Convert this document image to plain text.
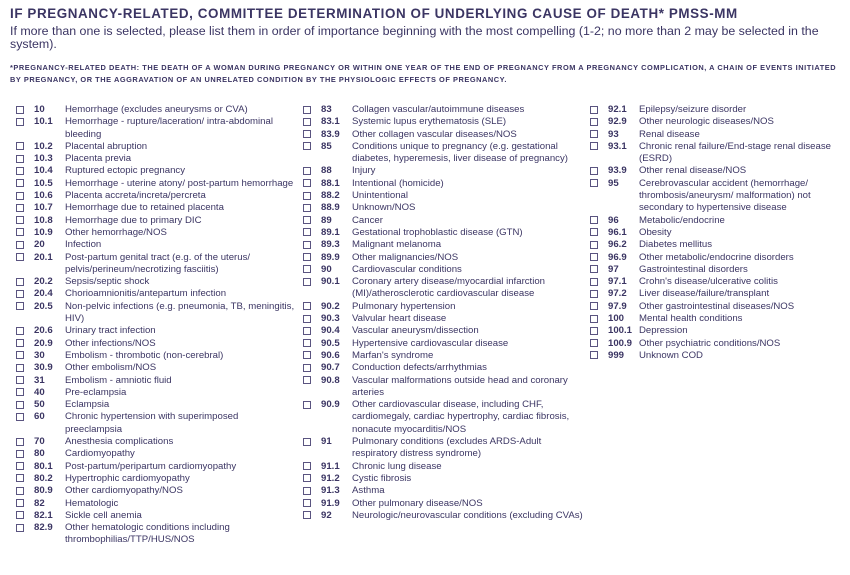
IF PREGNANCY-RELATED, COMMITTEE DETERMINATION OF UNDERLYING CAUSE OF DEATH* PMSS-MM
If more than one is selected, please list them in order of importance beginning with the most compelling (1-2; no more than 2 may be selected in the system).
*PREGNANCY-RELATED DEATH: THE DEATH OF A WOMAN DURING PREGNANCY OR WITHIN ONE YEAR OF THE END OF PREGNANCY FROM A PREGNANCY COMPLICATION, A CHAIN OF EVENTS INITIATED BY PREGNANCY, OR THE AGGRAVATION OF AN UNRELATED CONDITION BY THE PHYSIOLOGIC EFFECTS OF PREGNANCY.
10	Hemorrhage (excludes aneurysms or CVA)
10.1	Hemorrhage - rupture/laceration/ intra-abdominal bleeding
10.2	Placental abruption
10.3	Placenta previa
10.4	Ruptured ectopic pregnancy
10.5	Hemorrhage - uterine atony/ post-partum hemorrhage
10.6	Placenta accreta/increta/percreta
10.7	Hemorrhage due to retained placenta
10.8	Hemorrhage due to primary DIC
10.9	Other hemorrhage/NOS
20	Infection
20.1	Post-partum genital tract (e.g. of the uterus/ pelvis/perineum/necrotizing fasciitis)
20.2	Sepsis/septic shock
20.4	Chorioamnionitis/antepartum infection
20.5	Non-pelvic infections (e.g. pneumonia, TB, meningitis, HIV)
20.6	Urinary tract infection
20.9	Other infections/NOS
30	Embolism - thrombotic (non-cerebral)
30.9	Other embolism/NOS
31	Embolism - amniotic fluid
40	Pre-eclampsia
50	Eclampsia
60	Chronic hypertension with superimposed preeclampsia
70	Anesthesia complications
80	Cardiomyopathy
80.1	Post-partum/peripartum cardiomyopathy
80.2	Hypertrophic cardiomyopathy
80.9	Other cardiomyopathy/NOS
82	Hematologic
82.1	Sickle cell anemia
82.9	Other hematologic conditions including thrombophilias/TTP/HUS/NOS
83	Collagen vascular/autoimmune diseases
83.1	Systemic lupus erythematosis (SLE)
83.9	Other collagen vascular diseases/NOS
85	Conditions unique to pregnancy (e.g. gestational diabetes, hyperemesis, liver disease of pregnancy)
88	Injury
88.1	Intentional (homicide)
88.2	Unintentional
88.9	Unknown/NOS
89	Cancer
89.1	Gestational trophoblastic disease (GTN)
89.3	Malignant melanoma
89.9	Other malignancies/NOS
90	Cardiovascular conditions
90.1	Coronary artery disease/myocardial infarction (MI)/atherosclerotic cardiovascular disease
90.2	Pulmonary hypertension
90.3	Valvular heart disease
90.4	Vascular aneurysm/dissection
90.5	Hypertensive cardiovascular disease
90.6	Marfan's syndrome
90.7	Conduction defects/arrhythmias
90.8	Vascular malformations outside head and coronary arteries
90.9	Other cardiovascular disease, including CHF, cardiomegaly, cardiac hypertrophy, cardiac fibrosis, nonacute myocarditis/NOS
91	Pulmonary conditions (excludes ARDS-Adult respiratory distress syndrome)
91.1	Chronic lung disease
91.2	Cystic fibrosis
91.3	Asthma
91.9	Other pulmonary disease/NOS
92	Neurologic/neurovascular conditions (excluding CVAs)
92.1	Epilepsy/seizure disorder
92.9	Other neurologic diseases/NOS
93	Renal disease
93.1	Chronic renal failure/End-stage renal disease (ESRD)
93.9	Other renal disease/NOS
95	Cerebrovascular accident (hemorrhage/ thrombosis/aneurysm/ malformation) not secondary to hypertensive disease
96	Metabolic/endocrine
96.1	Obesity
96.2	Diabetes mellitus
96.9	Other metabolic/endocrine disorders
97	Gastrointestinal disorders
97.1	Crohn's disease/ulcerative colitis
97.2	Liver disease/failure/transplant
97.9	Other gastrointestinal diseases/NOS
100	Mental health conditions
100.1 Depression
100.9 Other psychiatric conditions/NOS
999	Unknown COD
